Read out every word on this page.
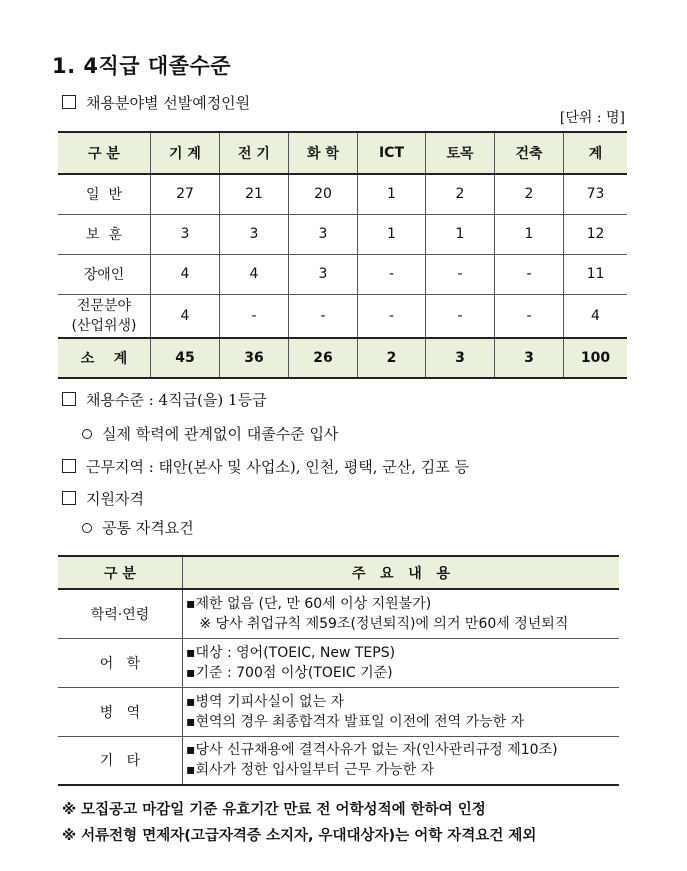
1. 4직급 대졸수준
채용분야별 선발예정인원
[단위 : 명]
구 분	기 계	전 기	화 학	ICT	토목	건축	계
일  반	27	21	20	1	2	2	73
보  훈	3	3	3	1	1	1	12
장애인	4	4	3	-	-	-	11

전문분야
(산업위생)	4	-	-	-	-	-	4
소    계	45	36	26	2	3	3	100
채용수준 : 4직급(을) 1등급
실제 학력에 관계없이 대졸수준 입사
근무지역 : 태안(본사 및 사업소), 인천, 평택, 군산, 김포 등
지원자격
공통 자격요건
구 분	주   요   내   용
학력·연령	▪제한 없음 (단, 만 60세 이상 지원불가)
※ 당사 취업규칙 제59조(정년퇴직)에 의거 만60세 정년퇴직

어   학	▪대상 : 영어(TOEIC, New TEPS)
▪기준 : 700점 이상(TOEIC 기준)

병   역	▪병역 기피사실이 없는 자
▪현역의 경우 최종합격자 발표일 이전에 전역 가능한 자

기   타	▪당사 신규채용에 결격사유가 없는 자(인사관리규정 제10조)
▪회사가 정한 입사일부터 근무 가능한 자
※ 모집공고 마감일 기준 유효기간 만료 전 어학성적에 한하여 인정
※ 서류전형 면제자(고급자격증 소지자, 우대대상자)는 어학 자격요건 제외
